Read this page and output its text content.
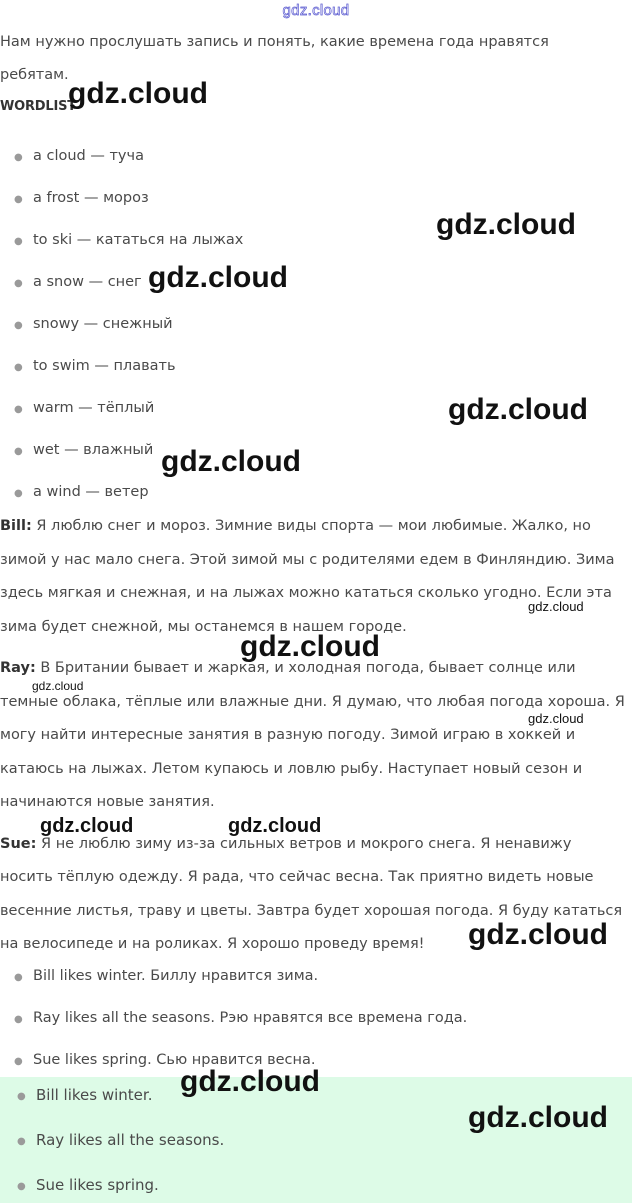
gdz.cloud
Нам нужно прослушать запись и понять, какие времена года нравятся
ребятам.
WORDLIST
● a cloud — туча
● a frost — мороз
● to ski — кататься на лыжах
● a snow — снег
● snowy — снежный
● to swim — плавать
● warm — тёплый
● wet — влажный
● a wind — ветер
Bill: Я люблю снег и мороз. Зимние виды спорта — мои любимые. Жалко, но
зимой у нас мало снега. Этой зимой мы с родителями едем в Финляндию. Зима
здесь мягкая и снежная, и на лыжах можно кататься сколько угодно. Если эта
зима будет снежной, мы останемся в нашем городе.
Ray: В Британии бывает и жаркая, и холодная погода, бывает солнце или
темные облака, тёплые или влажные дни. Я думаю, что любая погода хороша. Я
могу найти интересные занятия в разную погоду. Зимой играю в хоккей и
катаюсь на лыжах. Летом купаюсь и ловлю рыбу. Наступает новый сезон и
начинаются новые занятия.
Sue: Я не люблю зиму из-за сильных ветров и мокрого снега. Я ненавижу
носить тёплую одежду. Я рада, что сейчас весна. Так приятно видеть новые
весенние листья, траву и цветы. Завтра будет хорошая погода. Я буду кататься
на велосипеде и на роликах. Я хорошо проведу время!
● Bill likes winter. Биллу нравится зима.
● Ray likes all the seasons. Рэю нравятся все времена года.
● Sue likes spring. Сью нравится весна.
● Bill likes winter.
● Ray likes all the seasons.
● Sue likes spring.
gdz.cloud
gdz.cloud
gdz.cloud
gdz.cloud
gdz.cloud
gdz.cloud
gdz.cloud
gdz.cloud
gdz.cloud
gdz.cloud	gdz.cloud
gdz.cloud
gdz.cloud
gdz.cloud
